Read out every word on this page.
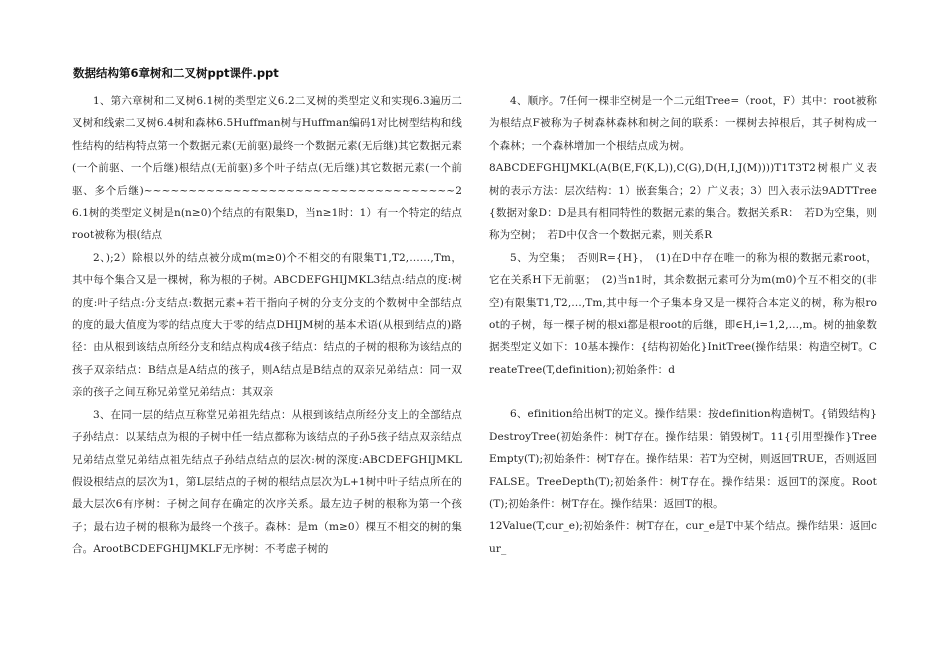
数据结构第6章树和二叉树ppt课件.ppt

1、第六章树和二叉树6.1树的类型定义6.2二叉树的类型定义和实现6.3遍历二叉树和线索二叉树6.4树和森林6.5Huffman树与Huffman编码1对比树型结构和线性结构的结构特点第一个数据元素(无前驱)最终一个数据元素(无后继)其它数据元素(一个前驱、一个后继)根结点(无前驱)多个叶子结点(无后继)其它数据元素(一个前驱、多个后继)~~~~~~~~~~~~~~~~~~~~~~~~~~~~~~~~~~~26.1树的类型定义树是n(n≥0)个结点的有限集D，当n≥1时：1）有一个特定的结点root被称为根(结点

2、);2）除根以外的结点被分成m(m≥0)个不相交的有限集T1,T2,……,Tm，其中每个集合又是一棵树，称为根的子树。ABCDEFGHIJMKL3结点:结点的度:树的度:叶子结点:分支结点:数据元素+若干指向子树的分支分支的个数树中全部结点的度的最大值度为零的结点度大于零的结点DHIJM树的基本术语(从根到结点的)路径：由从根到该结点所经分支和结点构成4孩子结点：结点的子树的根称为该结点的孩子双亲结点：B结点是A结点的孩子，则A结点是B结点的双亲兄弟结点：同一双亲的孩子之间互称兄弟堂兄弟结点：其双亲

3、在同一层的结点互称堂兄弟祖先结点：从根到该结点所经分支上的全部结点子孙结点：以某结点为根的子树中任一结点都称为该结点的子孙5孩子结点双亲结点兄弟结点堂兄弟结点祖先结点子孙结点结点的层次:树的深度:ABCDEFGHIJMKL假设根结点的层次为1，第L层结点的子树的根结点层次为L+1树中叶子结点所在的最大层次6有序树：子树之间存在确定的次序关系。最左边子树的根称为第一个孩子；最右边子树的根称为最终一个孩子。森林：是m（m≥0）棵互不相交的树的集合。ArootBCDEFGHIJMKLF无序树：不考虑子树的

4、顺序。7任何一棵非空树是一个二元组Tree=（root，F）其中：root被称为根结点F被称为子树森林森林和树之间的联系：一棵树去掉根后，其子树构成一个森林；一个森林增加一个根结点成为树。

8ABCDEFGHIJMKL(A(B(E,F(K,L)),C(G),D(H,I,J(M))))T1T3T2树根广义表树的表示方法：层次结构：1）嵌套集合；2）广义表；3）凹入表示法9ADTTree{数据对象D：D是具有相同特性的数据元素的集合。数据关系R：　若D为空集，则称为空树；　若D中仅含一个数据元素，则关系R

5、为空集；　否则R={H}，　(1)在D中存在唯一的称为根的数据元素root，它在关系H下无前驱；　(2)当n1时，其余数据元素可分为m(m0)个互不相交的(非空)有限集T1,T2,…,Tm,其中每一个子集本身又是一棵符合本定义的树，称为根root的子树，每一棵子树的根xi都是根root的后继，即∈H,i=1,2,…,m。树的抽象数据类型定义如下：10基本操作：{结构初始化}InitTree(操作结果：构造空树T。CreateTree(T,definition);初始条件：d

6、efinition给出树T的定义。操作结果：按definition构造树T。{销毁结构}DestroyTree(初始条件：树T存在。操作结果：销毁树T。11{引用型操作}TreeEmpty(T);初始条件：树T存在。操作结果：若T为空树，则返回TRUE，否则返回FALSE。TreeDepth(T);初始条件：树T存在。操作结果：返回T的深度。Root(T);初始条件：树T存在。操作结果：返回T的根。

12Value(T,cur_e);初始条件：树T存在，cur_e是T中某个结点。操作结果：返回cur_
